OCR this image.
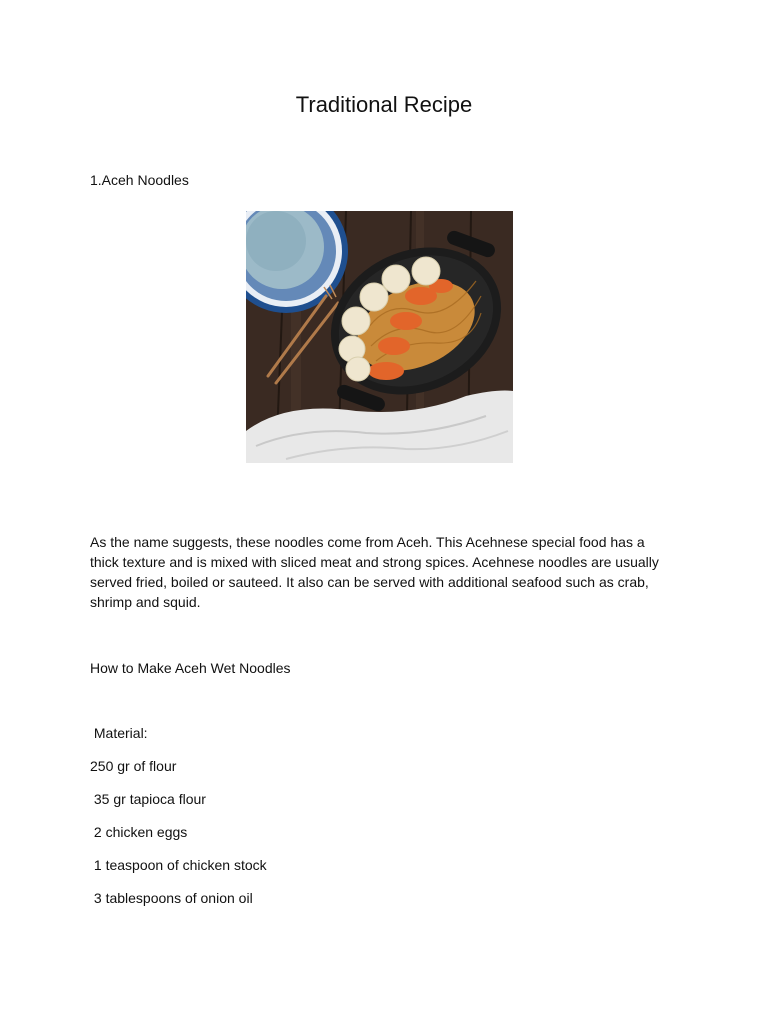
Traditional Recipe
1.Aceh Noodles

As the name suggests, these noodles come from Aceh. This Acehnese special food has a

thick texture and is mixed with sliced meat and strong spices. Acehnese noodles are usually

served fried, boiled or sauteed. It also can be served with additional seafood such as crab,

shrimp and squid.

How to Make Aceh Wet Noodles
Material:
250 gr of flour
35 gr tapioca flour
2 chicken eggs
1 teaspoon of chicken stock
3 tablespoons of onion oil
